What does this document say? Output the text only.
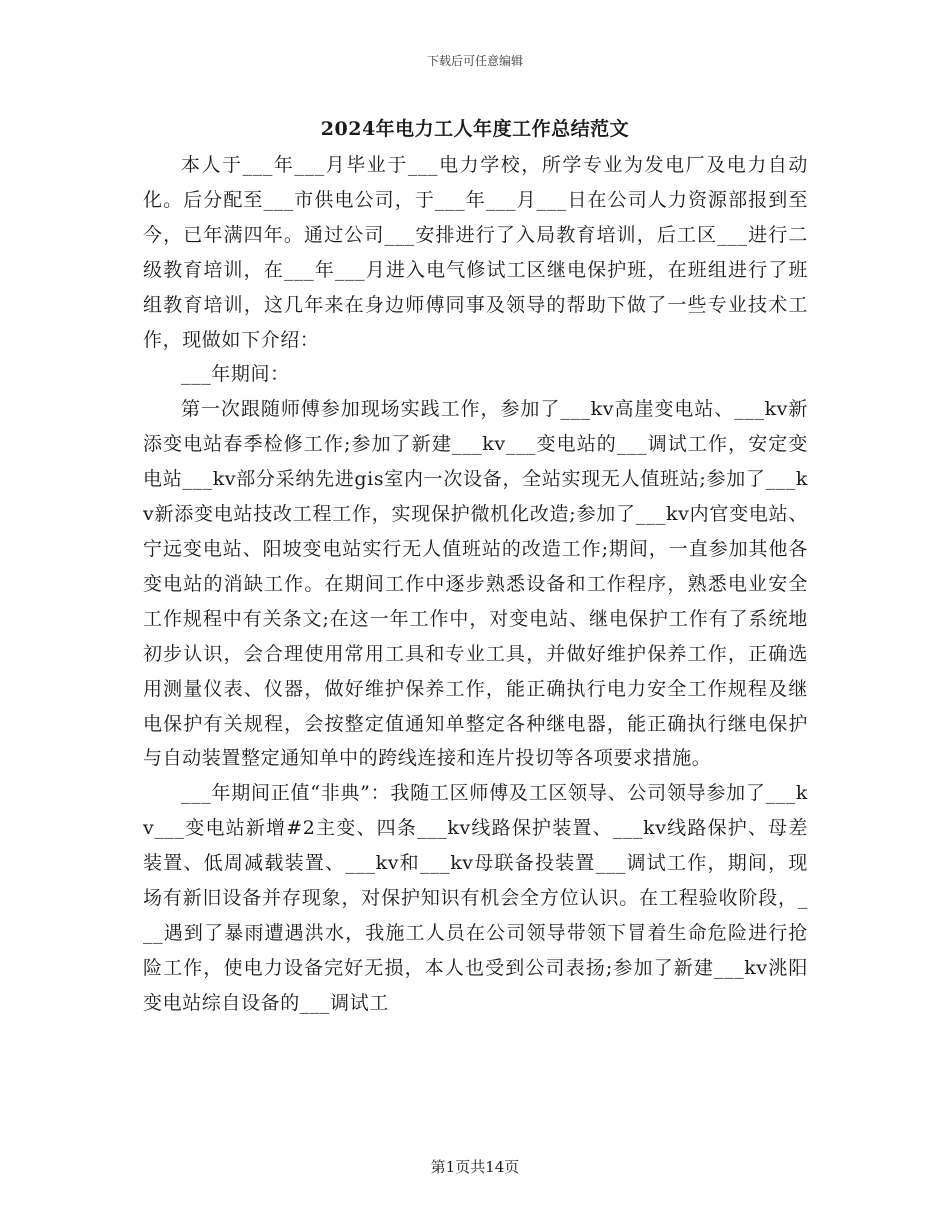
下载后可任意编辑
2024年电力工人年度工作总结范文

本人于___年___月毕业于___电力学校，所学专业为发电厂及电力自动化。后分配至___市供电公司，于___年___月___日在公司人力资源部报到至今，已年满四年。通过公司___安排进行了入局教育培训，后工区___进行二级教育培训，在___年___月进入电气修试工区继电保护班，在班组进行了班组教育培训，这几年来在身边师傅同事及领导的帮助下做了一些专业技术工作，现做如下介绍：

___年期间：

第一次跟随师傅参加现场实践工作，参加了___kv高崖变电站、___kv新添变电站春季检修工作;参加了新建___kv___变电站的___调试工作，安定变电站___kv部分采纳先进gis室内一次设备，全站实现无人值班站;参加了___kv新添变电站技改工程工作，实现保护微机化改造;参加了___kv内官变电站、宁远变电站、阳坡变电站实行无人值班站的改造工作;期间，一直参加其他各变电站的消缺工作。在期间工作中逐步熟悉设备和工作程序，熟悉电业安全工作规程中有关条文;在这一年工作中，对变电站、继电保护工作有了系统地初步认识，会合理使用常用工具和专业工具，并做好维护保养工作，正确选用测量仪表、仪器，做好维护保养工作，能正确执行电力安全工作规程及继电保护有关规程，会按整定值通知单整定各种继电器，能正确执行继电保护与自动装置整定通知单中的跨线连接和连片投切等各项要求措施。

___年期间正值“非典”：我随工区师傅及工区领导、公司领导参加了___kv___变电站新增#2主变、四条___kv线路保护装置、___kv线路保护、母差装置、低周减载装置、___kv和___kv母联备投装置___调试工作，期间，现场有新旧设备并存现象，对保护知识有机会全方位认识。在工程验收阶段，___遇到了暴雨遭遇洪水，我施工人员在公司领导带领下冒着生命危险进行抢险工作，使电力设备完好无损，本人也受到公司表扬;参加了新建___kv洮阳变电站综自设备的___调试工

第1页共14页
